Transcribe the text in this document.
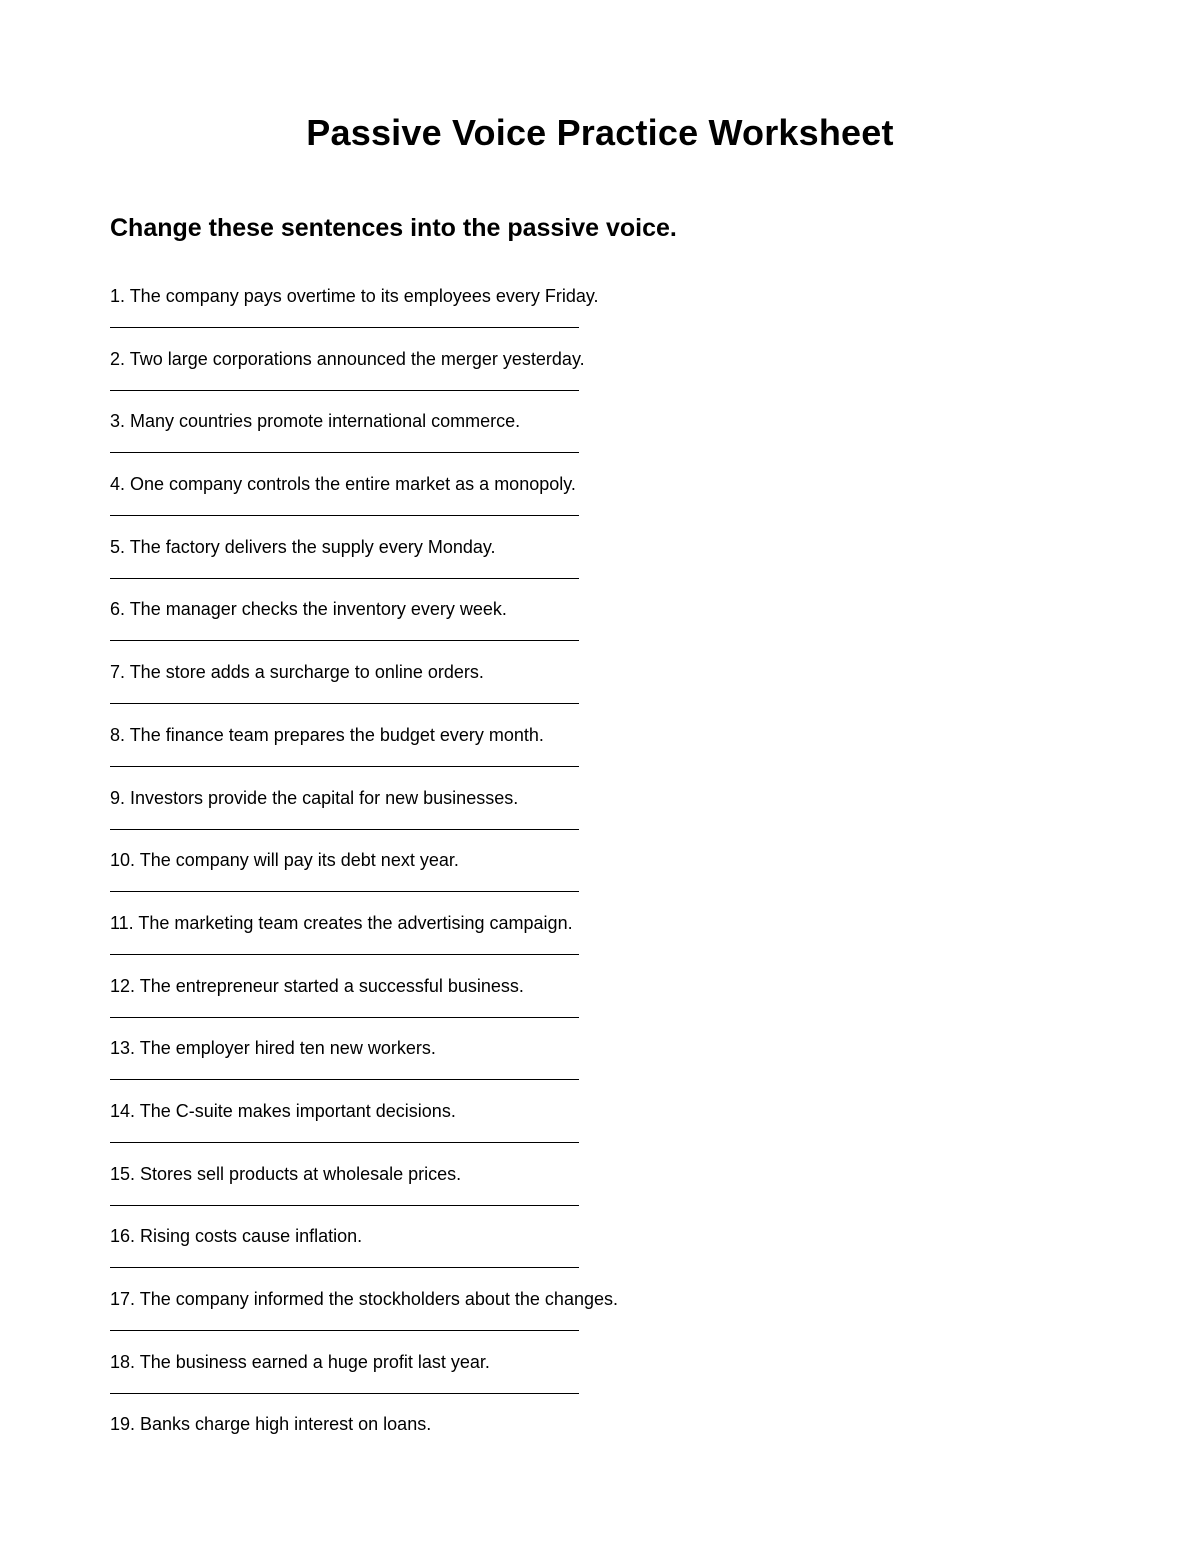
Passive Voice Practice Worksheet
Change these sentences into the passive voice.
1. The company pays overtime to its employees every Friday.
2. Two large corporations announced the merger yesterday.
3. Many countries promote international commerce.
4. One company controls the entire market as a monopoly.
5. The factory delivers the supply every Monday.
6. The manager checks the inventory every week.
7. The store adds a surcharge to online orders.
8. The finance team prepares the budget every month.
9. Investors provide the capital for new businesses.
10. The company will pay its debt next year.
11. The marketing team creates the advertising campaign.
12. The entrepreneur started a successful business.
13. The employer hired ten new workers.
14. The C-suite makes important decisions.
15. Stores sell products at wholesale prices.
16. Rising costs cause inflation.
17. The company informed the stockholders about the changes.
18. The business earned a huge profit last year.
19. Banks charge high interest on loans.
